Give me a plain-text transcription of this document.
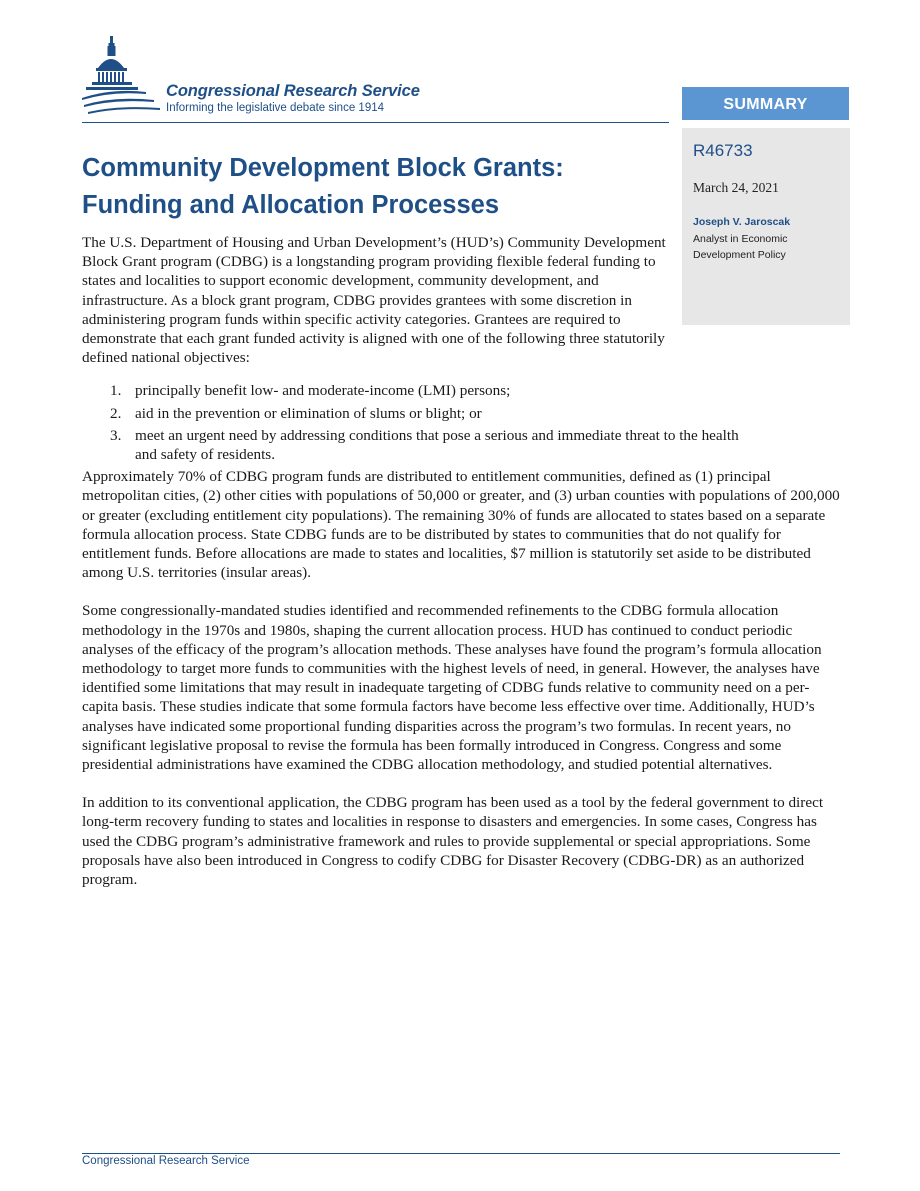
Congressional Research Service
Informing the legislative debate since 1914	SUMMARY
R46733
March 24, 2021
Joseph V. Jaroscak
Analyst in Economic Development Policy
Community Development Block Grants:
Funding and Allocation Processes

The U.S. Department of Housing and Urban Development’s (HUD’s) Community Development Block Grant program (CDBG) is a longstanding program providing flexible federal funding to states and localities to support economic development, community development, and infrastructure. As a block grant program, CDBG provides grantees with some discretion in administering program funds within specific activity categories. Grantees are required to demonstrate that each grant funded activity is aligned with one of the following three statutorily defined national objectives:

1. principally benefit low- and moderate-income (LMI) persons;
2. aid in the prevention or elimination of slums or blight; or
3. meet an urgent need by addressing conditions that pose a serious and immediate threat to the health and safety of residents.

Approximately 70% of CDBG program funds are distributed to entitlement communities, defined as (1) principal metropolitan cities, (2) other cities with populations of 50,000 or greater, and (3) urban counties with populations of 200,000 or greater (excluding entitlement city populations). The remaining 30% of funds are allocated to states based on a separate formula allocation process. State CDBG funds are to be distributed by states to communities that do not qualify for entitlement funds. Before allocations are made to states and localities, $7 million is statutorily set aside to be distributed among U.S. territories (insular areas).

Some congressionally-mandated studies identified and recommended refinements to the CDBG formula allocation methodology in the 1970s and 1980s, shaping the current allocation process. HUD has continued to conduct periodic analyses of the efficacy of the program’s allocation methods. These analyses have found the program’s formula allocation methodology to target more funds to communities with the highest levels of need, in general. However, the analyses have identified some limitations that may result in inadequate targeting of CDBG funds relative to community need on a per-capita basis. These studies indicate that some formula factors have become less effective over time. Additionally, HUD’s analyses have indicated some proportional funding disparities across the program’s two formulas. In recent years, no significant legislative proposal to revise the formula has been formally introduced in Congress. Congress and some presidential administrations have examined the CDBG allocation methodology, and studied potential alternatives.

In addition to its conventional application, the CDBG program has been used as a tool by the federal government to direct long-term recovery funding to states and localities in response to disasters and emergencies. In some cases, Congress has used the CDBG program’s administrative framework and rules to provide supplemental or special appropriations. Some proposals have also been introduced in Congress to codify CDBG for Disaster Recovery (CDBG-DR) as an authorized program.

Congressional Research Service
